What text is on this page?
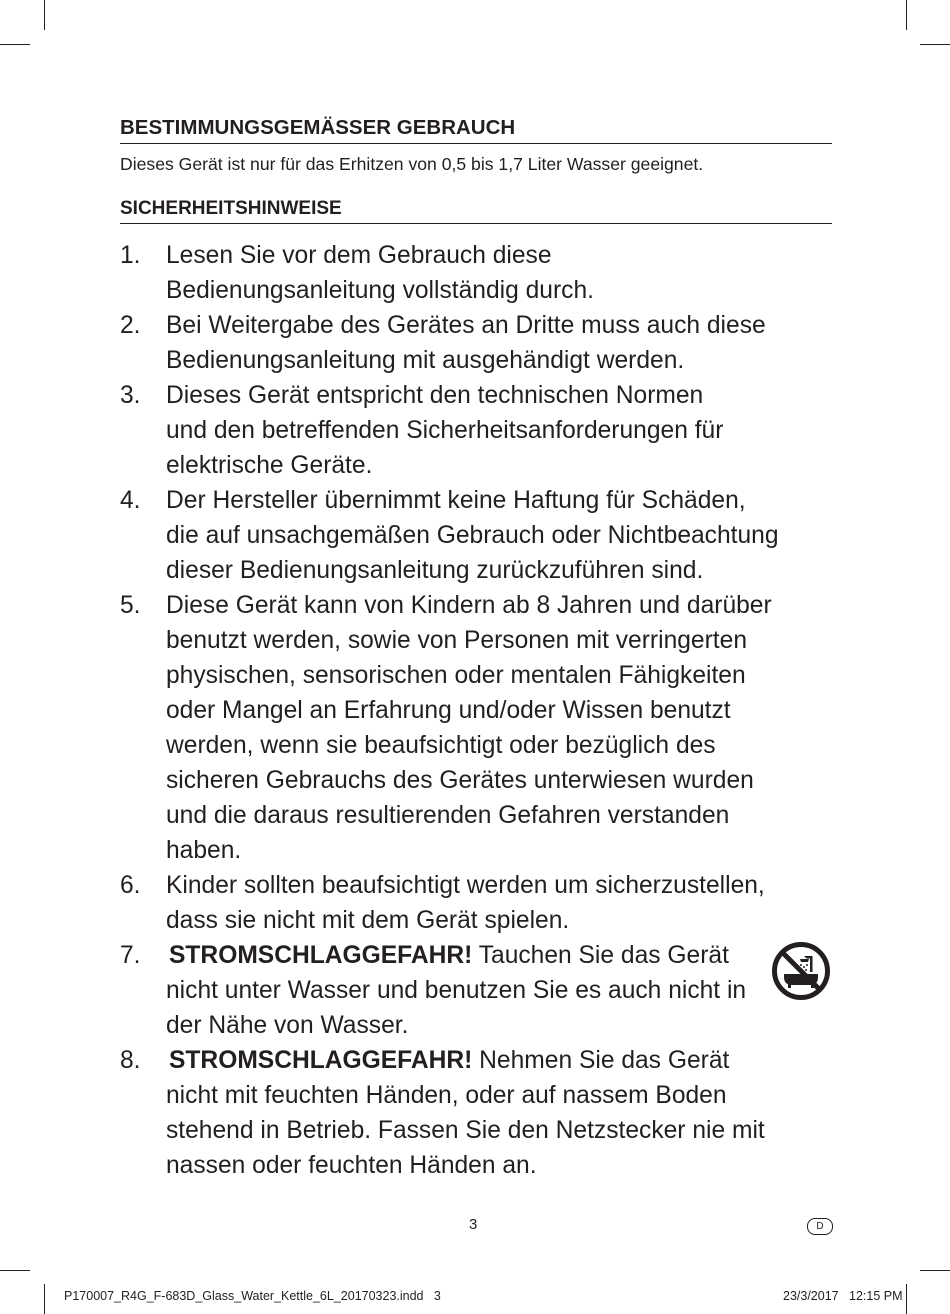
BESTIMMUNGSGEMÄSSER GEBRAUCH
Dieses Gerät ist nur für das Erhitzen von 0,5 bis 1,7 Liter Wasser geeignet.
SICHERHEITSHINWEISE
1. Lesen Sie vor dem Gebrauch diese
Bedienungsanleitung vollständig durch.
2. Bei Weitergabe des Gerätes an Dritte muss auch diese
Bedienungsanleitung mit ausgehändigt werden.
3. Dieses Gerät entspricht den technischen Normen
und den betreffenden Sicherheitsanforderungen für
elektrische Geräte.
4. Der Hersteller übernimmt keine Haftung für Schäden,
die auf unsachgemäßen Gebrauch oder Nichtbeachtung
dieser Bedienungsanleitung zurückzuführen sind.
5. Diese Gerät kann von Kindern ab 8 Jahren und darüber
benutzt werden, sowie von Personen mit verringerten
physischen, sensorischen oder mentalen Fähigkeiten
oder Mangel an Erfahrung und/oder Wissen benutzt
werden, wenn sie beaufsichtigt oder bezüglich des
sicheren Gebrauchs des Gerätes unterwiesen wurden
und die daraus resultierenden Gefahren verstanden
haben.
6. Kinder sollten beaufsichtigt werden um sicherzustellen,
dass sie nicht mit dem Gerät spielen.
7. STROMSCHLAGGEFAHR! Tauchen Sie das Gerät
nicht unter Wasser und benutzen Sie es auch nicht in
der Nähe von Wasser.
8. STROMSCHLAGGEFAHR! Nehmen Sie das Gerät
nicht mit feuchten Händen, oder auf nassem Boden
stehend in Betrieb. Fassen Sie den Netzstecker nie mit
nassen oder feuchten Händen an.
3	D
P170007_R4G_F-683D_Glass_Water_Kettle_6L_20170323.indd   3	23/3/2017   12:15 PM
